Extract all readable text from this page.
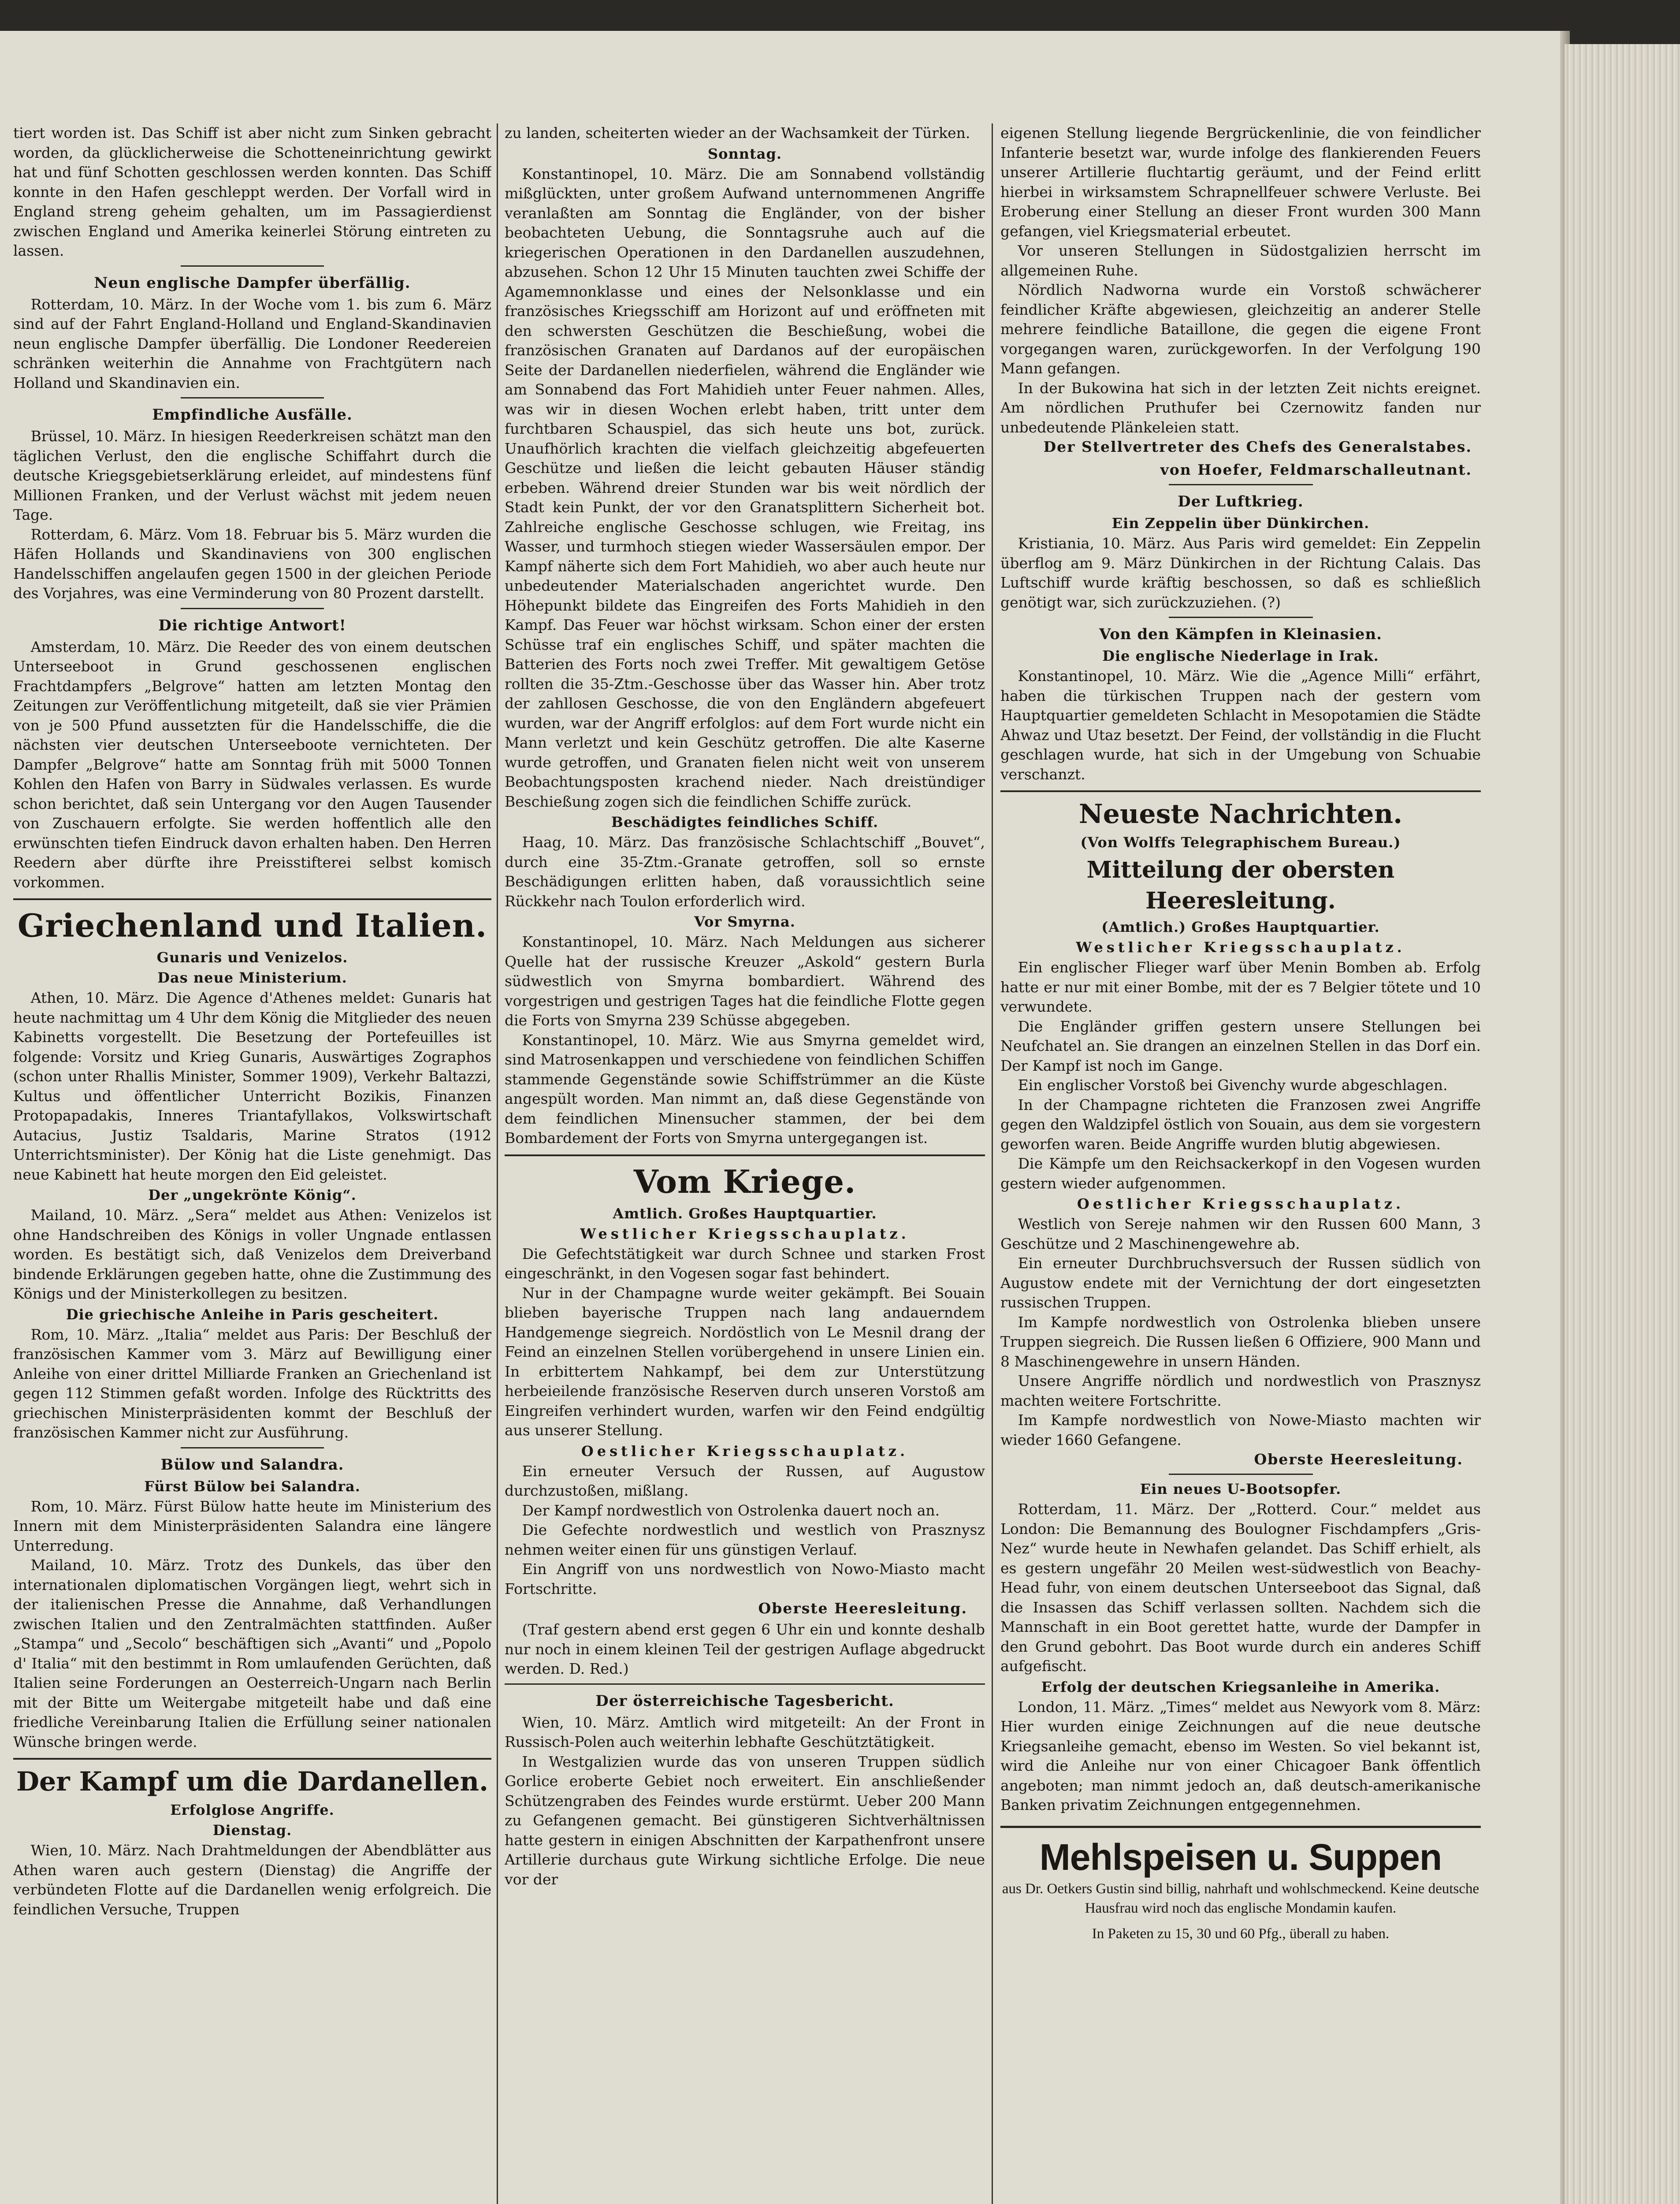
tiert worden ist. Das Schiff ist aber nicht zum Sinken gebracht worden, da glücklicherweise die Schotteneinrichtung gewirkt hat und fünf Schotten geschlossen werden konnten. Das Schiff konnte in den Hafen geschleppt werden. Der Vorfall wird in England streng geheim gehalten, um im Passagierdienst zwischen England und Amerika keinerlei Störung eintreten zu lassen.

Neun englische Dampfer überfällig.

Rotterdam, 10. März. In der Woche vom 1. bis zum 6. März sind auf der Fahrt England-Holland und England-Skandinavien neun englische Dampfer überfällig. Die Londoner Reedereien schränken weiterhin die Annahme von Frachtgütern nach Holland und Skandinavien ein.

Empfindliche Ausfälle.

Brüssel, 10. März. In hiesigen Reederkreisen schätzt man den täglichen Verlust, den die englische Schiffahrt durch die deutsche Kriegsgebietserklärung erleidet, auf mindestens fünf Millionen Franken, und der Verlust wächst mit jedem neuen Tage.

Rotterdam, 6. März. Vom 18. Februar bis 5. März wurden die Häfen Hollands und Skandinaviens von 300 englischen Handelsschiffen angelaufen gegen 1500 in der gleichen Periode des Vorjahres, was eine Verminderung von 80 Prozent darstellt.

Die richtige Antwort!

Amsterdam, 10. März. Die Reeder des von einem deutschen Unterseeboot in Grund geschossenen englischen Frachtdampfers „Belgrove“ hatten am letzten Montag den Zeitungen zur Veröffentlichung mitgeteilt, daß sie vier Prämien von je 500 Pfund aussetzten für die Handelsschiffe, die die nächsten vier deutschen Unterseeboote vernichteten. Der Dampfer „Belgrove“ hatte am Sonntag früh mit 5000 Tonnen Kohlen den Hafen von Barry in Südwales verlassen. Es wurde schon berichtet, daß sein Untergang vor den Augen Tausender von Zuschauern erfolgte. Sie werden hoffentlich alle den erwünschten tiefen Eindruck davon erhalten haben. Den Herren Reedern aber dürfte ihre Preisstifterei selbst komisch vorkommen.

Griechenland und Italien.
Gunaris und Venizelos.
Das neue Ministerium.

Athen, 10. März. Die Agence d'Athenes meldet: Gunaris hat heute nachmittag um 4 Uhr dem König die Mitglieder des neuen Kabinetts vorgestellt. Die Besetzung der Portefeuilles ist folgende: Vorsitz und Krieg Gunaris, Auswärtiges Zographos (schon unter Rhallis Minister, Sommer 1909), Verkehr Baltazzi, Kultus und öffentlicher Unterricht Bozikis, Finanzen Protopapadakis, Inneres Triantafyllakos, Volkswirtschaft Autacius, Justiz Tsaldaris, Marine Stratos (1912 Unterrichtsminister). Der König hat die Liste genehmigt. Das neue Kabinett hat heute morgen den Eid geleistet.

Der „ungekrönte König“.

Mailand, 10. März. „Sera“ meldet aus Athen: Venizelos ist ohne Handschreiben des Königs in voller Ungnade entlassen worden. Es bestätigt sich, daß Venizelos dem Dreiverband bindende Erklärungen gegeben hatte, ohne die Zustimmung des Königs und der Ministerkollegen zu besitzen.

Die griechische Anleihe in Paris gescheitert.

Rom, 10. März. „Italia“ meldet aus Paris: Der Beschluß der französischen Kammer vom 3. März auf Bewilligung einer Anleihe von einer drittel Milliarde Franken an Griechenland ist gegen 112 Stimmen gefaßt worden. Infolge des Rücktritts des griechischen Ministerpräsidenten kommt der Beschluß der französischen Kammer nicht zur Ausführung.

Bülow und Salandra.
Fürst Bülow bei Salandra.

Rom, 10. März. Fürst Bülow hatte heute im Ministerium des Innern mit dem Ministerpräsidenten Salandra eine längere Unterredung.

Mailand, 10. März. Trotz des Dunkels, das über den internationalen diplomatischen Vorgängen liegt, wehrt sich in der italienischen Presse die Annahme, daß Verhandlungen zwischen Italien und den Zentralmächten stattfinden. Außer „Stampa“ und „Secolo“ beschäftigen sich „Avanti“ und „Popolo d' Italia“ mit den bestimmt in Rom umlaufenden Gerüchten, daß Italien seine Forderungen an Oesterreich-Ungarn nach Berlin mit der Bitte um Weitergabe mitgeteilt habe und daß eine friedliche Vereinbarung Italien die Erfüllung seiner nationalen Wünsche bringen werde.

Der Kampf um die Dardanellen.
Erfolglose Angriffe.
Dienstag.

Wien, 10. März. Nach Drahtmeldungen der Abendblätter aus Athen waren auch gestern (Dienstag) die Angriffe der verbündeten Flotte auf die Dardanellen wenig erfolgreich. Die feindlichen Versuche, Truppen

zu landen, scheiterten wieder an der Wachsamkeit der Türken.

Sonntag.

Konstantinopel, 10. März. Die am Sonnabend vollständig mißglückten, unter großem Aufwand unternommenen Angriffe veranlaßten am Sonntag die Engländer, von der bisher beobachteten Uebung, die Sonntagsruhe auch auf die kriegerischen Operationen in den Dardanellen auszudehnen, abzusehen. Schon 12 Uhr 15 Minuten tauchten zwei Schiffe der Agamemnonklasse und eines der Nelsonklasse und ein französisches Kriegsschiff am Horizont auf und eröffneten mit den schwersten Geschützen die Beschießung, wobei die französischen Granaten auf Dardanos auf der europäischen Seite der Dardanellen niederfielen, während die Engländer wie am Sonnabend das Fort Mahidieh unter Feuer nahmen. Alles, was wir in diesen Wochen erlebt haben, tritt unter dem furchtbaren Schauspiel, das sich heute uns bot, zurück. Unaufhörlich krachten die vielfach gleichzeitig abgefeuerten Geschütze und ließen die leicht gebauten Häuser ständig erbeben. Während dreier Stunden war bis weit nördlich der Stadt kein Punkt, der vor den Granatsplittern Sicherheit bot. Zahlreiche englische Geschosse schlugen, wie Freitag, ins Wasser, und turmhoch stiegen wieder Wassersäulen empor. Der Kampf näherte sich dem Fort Mahidieh, wo aber auch heute nur unbedeutender Materialschaden angerichtet wurde. Den Höhepunkt bildete das Eingreifen des Forts Mahidieh in den Kampf. Das Feuer war höchst wirksam. Schon einer der ersten Schüsse traf ein englisches Schiff, und später machten die Batterien des Forts noch zwei Treffer. Mit gewaltigem Getöse rollten die 35-Ztm.-Geschosse über das Wasser hin. Aber trotz der zahllosen Geschosse, die von den Engländern abgefeuert wurden, war der Angriff erfolglos: auf dem Fort wurde nicht ein Mann verletzt und kein Geschütz getroffen. Die alte Kaserne wurde getroffen, und Granaten fielen nicht weit von unserem Beobachtungsposten krachend nieder. Nach dreistündiger Beschießung zogen sich die feindlichen Schiffe zurück.

Beschädigtes feindliches Schiff.

Haag, 10. März. Das französische Schlachtschiff „Bouvet“, durch eine 35-Ztm.-Granate getroffen, soll so ernste Beschädigungen erlitten haben, daß voraussichtlich seine Rückkehr nach Toulon erforderlich wird.

Vor Smyrna.

Konstantinopel, 10. März. Nach Meldungen aus sicherer Quelle hat der russische Kreuzer „Askold“ gestern Burla südwestlich von Smyrna bombardiert. Während des vorgestrigen und gestrigen Tages hat die feindliche Flotte gegen die Forts von Smyrna 239 Schüsse abgegeben.

Konstantinopel, 10. März. Wie aus Smyrna gemeldet wird, sind Matrosenkappen und verschiedene von feindlichen Schiffen stammende Gegenstände sowie Schiffstrümmer an die Küste angespült worden. Man nimmt an, daß diese Gegenstände von dem feindlichen Minensucher stammen, der bei dem Bombardement der Forts von Smyrna untergegangen ist.

Vom Kriege.
Amtlich. Großes Hauptquartier.
Westlicher Kriegsschauplatz.

Die Gefechtstätigkeit war durch Schnee und starken Frost eingeschränkt, in den Vogesen sogar fast behindert.

Nur in der Champagne wurde weiter gekämpft. Bei Souain blieben bayerische Truppen nach lang andauerndem Handgemenge siegreich. Nordöstlich von Le Mesnil drang der Feind an einzelnen Stellen vorübergehend in unsere Linien ein. In erbittertem Nahkampf, bei dem zur Unterstützung herbeieilende französische Reserven durch unseren Vorstoß am Eingreifen verhindert wurden, warfen wir den Feind endgültig aus unserer Stellung.

Oestlicher Kriegsschauplatz.

Ein erneuter Versuch der Russen, auf Augustow durchzustoßen, mißlang.

Der Kampf nordwestlich von Ostrolenka dauert noch an.

Die Gefechte nordwestlich und westlich von Prasznysz nehmen weiter einen für uns günstigen Verlauf.

Ein Angriff von uns nordwestlich von Nowo-Miasto macht Fortschritte.

Oberste Heeresleitung.

(Traf gestern abend erst gegen 6 Uhr ein und konnte deshalb nur noch in einem kleinen Teil der gestrigen Auflage abgedruckt werden. D. Red.)

Der österreichische Tagesbericht.

Wien, 10. März. Amtlich wird mitgeteilt: An der Front in Russisch-Polen auch weiterhin lebhafte Geschütztätigkeit.

In Westgalizien wurde das von unseren Truppen südlich Gorlice eroberte Gebiet noch erweitert. Ein anschließender Schützengraben des Feindes wurde erstürmt. Ueber 200 Mann zu Gefangenen gemacht. Bei günstigeren Sichtverhältnissen hatte gestern in einigen Abschnitten der Karpathenfront unsere Artillerie durchaus gute Wirkung sichtliche Erfolge. Die neue vor der

eigenen Stellung liegende Bergrückenlinie, die von feindlicher Infanterie besetzt war, wurde infolge des flankierenden Feuers unserer Artillerie fluchtartig geräumt, und der Feind erlitt hierbei in wirksamstem Schrapnellfeuer schwere Verluste. Bei Eroberung einer Stellung an dieser Front wurden 300 Mann gefangen, viel Kriegsmaterial erbeutet.

Vor unseren Stellungen in Südostgalizien herrscht im allgemeinen Ruhe.

Nördlich Nadworna wurde ein Vorstoß schwächerer feindlicher Kräfte abgewiesen, gleichzeitig an anderer Stelle mehrere feindliche Bataillone, die gegen die eigene Front vorgegangen waren, zurückgeworfen. In der Verfolgung 190 Mann gefangen.

In der Bukowina hat sich in der letzten Zeit nichts ereignet. Am nördlichen Pruthufer bei Czernowitz fanden nur unbedeutende Plänkeleien statt.

Der Stellvertreter des Chefs des Generalstabes.
von Hoefer, Feldmarschalleutnant.
Der Luftkrieg.
Ein Zeppelin über Dünkirchen.

Kristiania, 10. März. Aus Paris wird gemeldet: Ein Zeppelin überflog am 9. März Dünkirchen in der Richtung Calais. Das Luftschiff wurde kräftig beschossen, so daß es schließlich genötigt war, sich zurückzuziehen. (?)

Von den Kämpfen in Kleinasien.
Die englische Niederlage in Irak.

Konstantinopel, 10. März. Wie die „Agence Milli“ erfährt, haben die türkischen Truppen nach der gestern vom Hauptquartier gemeldeten Schlacht in Mesopotamien die Städte Ahwaz und Utaz besetzt. Der Feind, der vollständig in die Flucht geschlagen wurde, hat sich in der Umgebung von Schuabie verschanzt.

Neueste Nachrichten.
(Von Wolffs Telegraphischem Bureau.)
Mitteilung der obersten Heeresleitung.
(Amtlich.) Großes Hauptquartier.
Westlicher Kriegsschauplatz.

Ein englischer Flieger warf über Menin Bomben ab. Erfolg hatte er nur mit einer Bombe, mit der es 7 Belgier tötete und 10 verwundete.

Die Engländer griffen gestern unsere Stellungen bei Neufchatel an. Sie drangen an einzelnen Stellen in das Dorf ein. Der Kampf ist noch im Gange.

Ein englischer Vorstoß bei Givenchy wurde abgeschlagen.

In der Champagne richteten die Franzosen zwei Angriffe gegen den Waldzipfel östlich von Souain, aus dem sie vorgestern geworfen waren. Beide Angriffe wurden blutig abgewiesen.

Die Kämpfe um den Reichsackerkopf in den Vogesen wurden gestern wieder aufgenommen.

Oestlicher Kriegsschauplatz.

Westlich von Sereje nahmen wir den Russen 600 Mann, 3 Geschütze und 2 Maschinengewehre ab.

Ein erneuter Durchbruchsversuch der Russen südlich von Augustow endete mit der Vernichtung der dort eingesetzten russischen Truppen.

Im Kampfe nordwestlich von Ostrolenka blieben unsere Truppen siegreich. Die Russen ließen 6 Offiziere, 900 Mann und 8 Maschinengewehre in unsern Händen.

Unsere Angriffe nördlich und nordwestlich von Prasznysz machten weitere Fortschritte.

Im Kampfe nordwestlich von Nowe-Miasto machten wir wieder 1660 Gefangene.

Oberste Heeresleitung.
Ein neues U-Bootsopfer.

Rotterdam, 11. März. Der „Rotterd. Cour.“ meldet aus London: Die Bemannung des Boulogner Fischdampfers „Gris-Nez“ wurde heute in Newhafen gelandet. Das Schiff erhielt, als es gestern ungefähr 20 Meilen west-südwestlich von Beachy-Head fuhr, von einem deutschen Unterseeboot das Signal, daß die Insassen das Schiff verlassen sollten. Nachdem sich die Mannschaft in ein Boot gerettet hatte, wurde der Dampfer in den Grund gebohrt. Das Boot wurde durch ein anderes Schiff aufgefischt.

Erfolg der deutschen Kriegsanleihe in Amerika.

London, 11. März. „Times“ meldet aus Newyork vom 8. März: Hier wurden einige Zeichnungen auf die neue deutsche Kriegsanleihe gemacht, ebenso im Westen. So viel bekannt ist, wird die Anleihe nur von einer Chicagoer Bank öffentlich angeboten; man nimmt jedoch an, daß deutsch-amerikanische Banken privatim Zeichnungen entgegennehmen.

Mehlspeisen u. Suppen
aus Dr. Oetkers Gustin sind billig, nahrhaft und wohlschmeckend. Keine deutsche Hausfrau wird noch das englische Mondamin kaufen.
In Paketen zu 15, 30 und 60 Pfg., überall zu haben.
